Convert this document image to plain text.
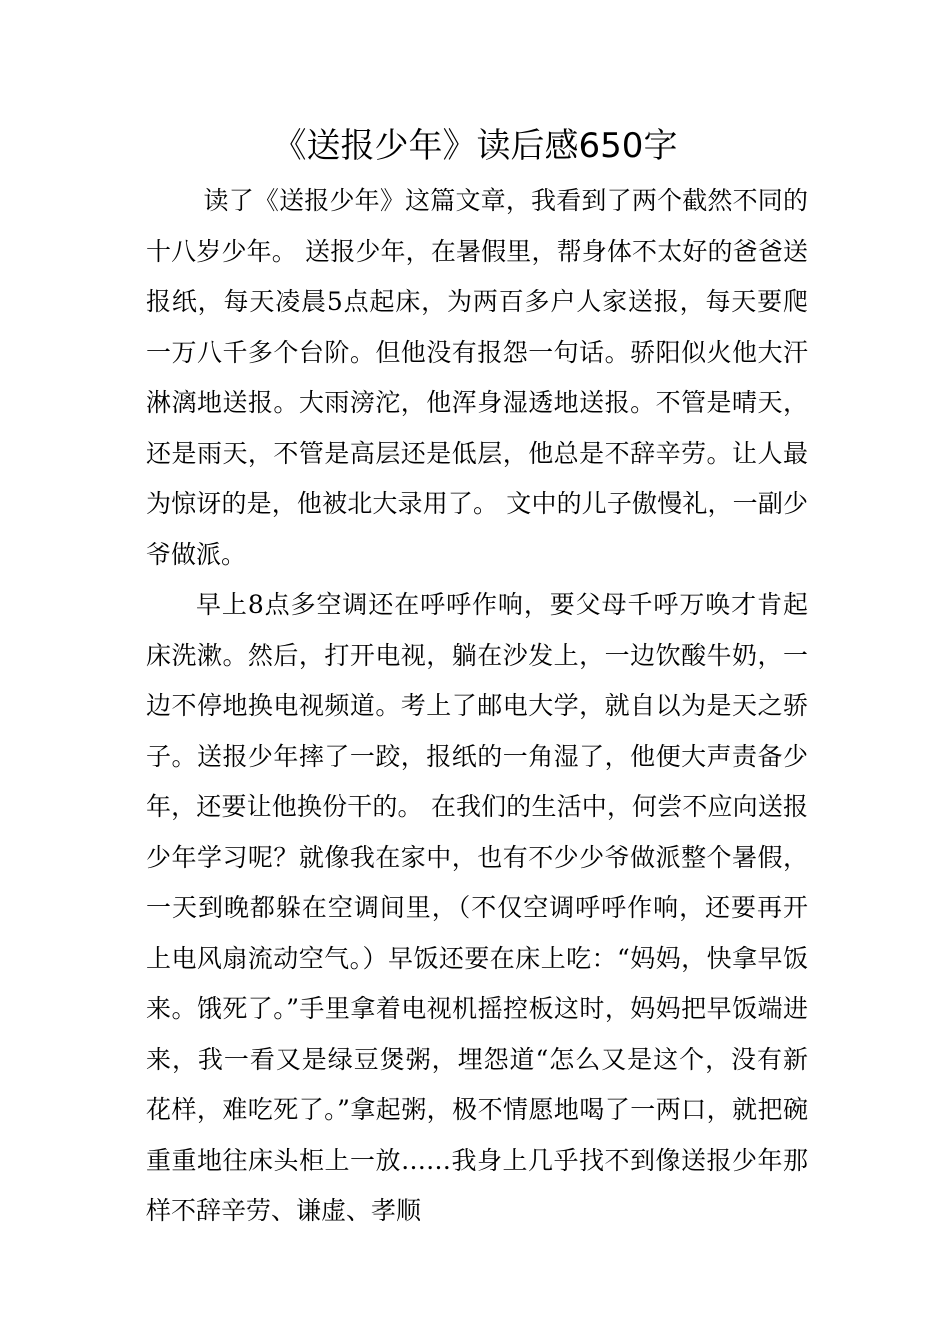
《送报少年》读后感650字

读了《送报少年》这篇文章，我看到了两个截然不同的十八岁少年。 送报少年，在暑假里，帮身体不太好的爸爸送报纸，每天凌晨5点起床，为两百多户人家送报，每天要爬一万八千多个台阶。但他没有报怨一句话。骄阳似火他大汗淋漓地送报。大雨滂沱，他浑身湿透地送报。不管是晴天，还是雨天，不管是高层还是低层，他总是不辞辛劳。让人最为惊讶的是，他被北大录用了。 文中的儿子傲慢礼，一副少爷做派。

早上8点多空调还在呼呼作响，要父母千呼万唤才肯起床洗漱。然后，打开电视，躺在沙发上，一边饮酸牛奶，一边不停地换电视频道。考上了邮电大学，就自以为是天之骄子。送报少年摔了一跤，报纸的一角湿了，他便大声责备少年，还要让他换份干的。 在我们的生活中，何尝不应向送报少年学习呢？就像我在家中，也有不少少爷做派整个暑假，一天到晚都躲在空调间里，（不仅空调呼呼作响，还要再开上电风扇流动空气。）早饭还要在床上吃：“妈妈，快拿早饭来。饿死了。”手里拿着电视机摇控板这时，妈妈把早饭端进来，我一看又是绿豆煲粥，埋怨道“怎么又是这个，没有新花样，难吃死了。”拿起粥，极不情愿地喝了一两口，就把碗重重地往床头柜上一放……我身上几乎找不到像送报少年那样不辞辛劳、谦虚、孝顺
